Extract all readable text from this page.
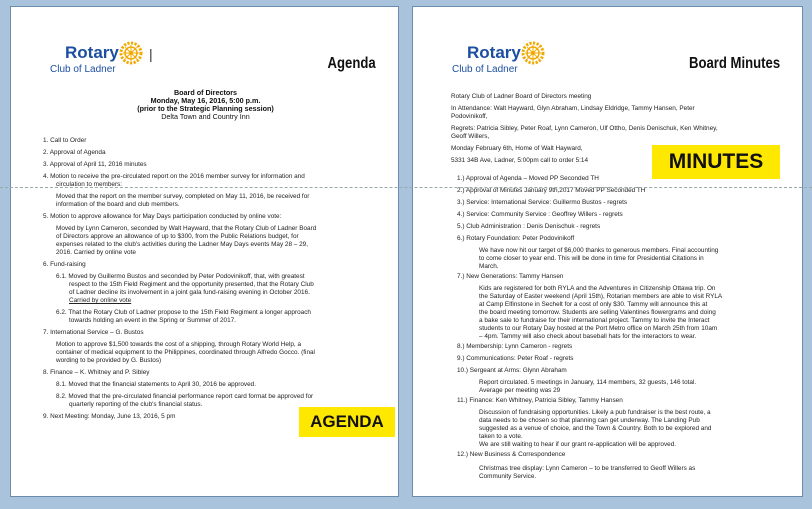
Rotary
Club of Ladner
|
Agenda
Board of Directors
Monday, May 16, 2016, 5:00 p.m.
(prior to the Strategic Planning session)
Delta Town and Country Inn
1. Call to Order
2. Approval of Agenda
3. Approval of April 11, 2016 minutes
4. Motion to receive the pre-circulated report on the 2016 member survey for information and
circulation to members:
Moved that the report on the member survey, completed on May 11, 2016, be received for
information of the board and club members.
5. Motion to approve allowance for May Days participation conducted by online vote:
Moved by Lynn Cameron, seconded by Walt Hayward, that the Rotary Club of Ladner Board
of Directors approve an allowance of up to $300, from the Public Relations budget, for
expenses related to the club's activities during the Ladner May Days events May 28 – 29,
2016. Carried by online vote
6. Fund-raising
6.1. Moved by Guillermo Bustos and seconded by Peter Podovinikoff, that, with greatest
respect to the 15th Field Regiment and the opportunity presented, that the Rotary Club
of Ladner decline its involvement in a joint gala fund-raising evening in October 2016.
Carried by online vote
6.2. That the Rotary Club of Ladner propose to the 15th Field Regiment a longer approach
towards holding an event in the Spring or Summer of 2017.
7. International Service – G. Bustos
Motion to approve $1,500 towards the cost of a shipping, through Rotary World Help, a
container of medical equipment to the Philippines, coordinated through Alfredo Gocco. (final
wording to be provided by G. Bustos)
8. Finance – K. Whitney and P. Sibley
8.1. Moved that the financial statements to April 30, 2016 be approved.
8.2. Moved that the pre-circulated financial performance report card format be approved for
quarterly reporting of the club's financial status.
9. Next Meeting: Monday, June 13, 2016, 5 pm	AGENDA
Rotary
Club of Ladner	Board Minutes
Rotary Club of Ladner Board of Directors meeting
In Attendance: Walt Hayward, Glyn Abraham, Lindsay Eldridge, Tammy Hansen, Peter
Podovinikoff,
Regrets: Patricia Sibley, Peter Roaf, Lynn Cameron, Ulf Ottho, Denis Denischuk, Ken Whitney,
Geoff Willers,
Monday February 6th, Home of Walt Hayward,
5331 34B Ave, Ladner, 5:00pm call to order 5:14
1.) Approval of Agenda – Moved PP Seconded TH
2.) Approval of Minutes January 9th,2017 Moved PP Seconded TH
3.) Service: International Service: Guillermo Bustos - regrets
4.) Service: Community Service : Geoffrey Willers - regrets
5.) Club Administration : Denis Denischuk - regrets
6.) Rotary Foundation: Peter Podovinikoff
We have now hit our target of $6,000 thanks to generous members. Final accounting
to come closer to year end. This will be done in time for Presidential Citations in
March.
7.) New Generations: Tammy Hansen
Kids are registered for both RYLA and the Adventures in Citizenship Ottawa trip. On
the Saturday of Easter weekend (April 15th), Rotarian members are able to visit RYLA
at Camp Elfinstone in Sechelt for a cost of only $30. Tammy will announce this at
the board meeting tomorrow. Students are selling Valentines flowergrams and doing
a bake sale to fundraise for their international project. Tammy to invite the Interact
students to our Rotary Day hosted at the Port Metro office on March 25th from 10am
– 4pm. Tammy will also check about baseball hats for the interactors to wear.
8.) Membership: Lynn Cameron - regrets
9.) Communications: Peter Roaf - regrets
10.) Sergeant at Arms: Glynn Abraham
Report circulated. 5 meetings in January, 114 members, 32 guests, 146 total.
Average per meeting was 29
11.) Finance: Ken Whitney, Patricia Sibley, Tammy Hansen
Discussion of fundraising opportunities. Likely a pub fundraiser is the best route, a
data needs to be chosen so that planning can get underway. The Landing Pub
suggested as a venue of choice, and the Town & Country. Both to be explored and
taken to a vote.
We are still waiting to hear if our grant re-application will be approved.
12.) New Business & Correspondence
Christmas tree display: Lynn Cameron – to be transferred to Geoff Willers as
Community Service.
MINUTES
